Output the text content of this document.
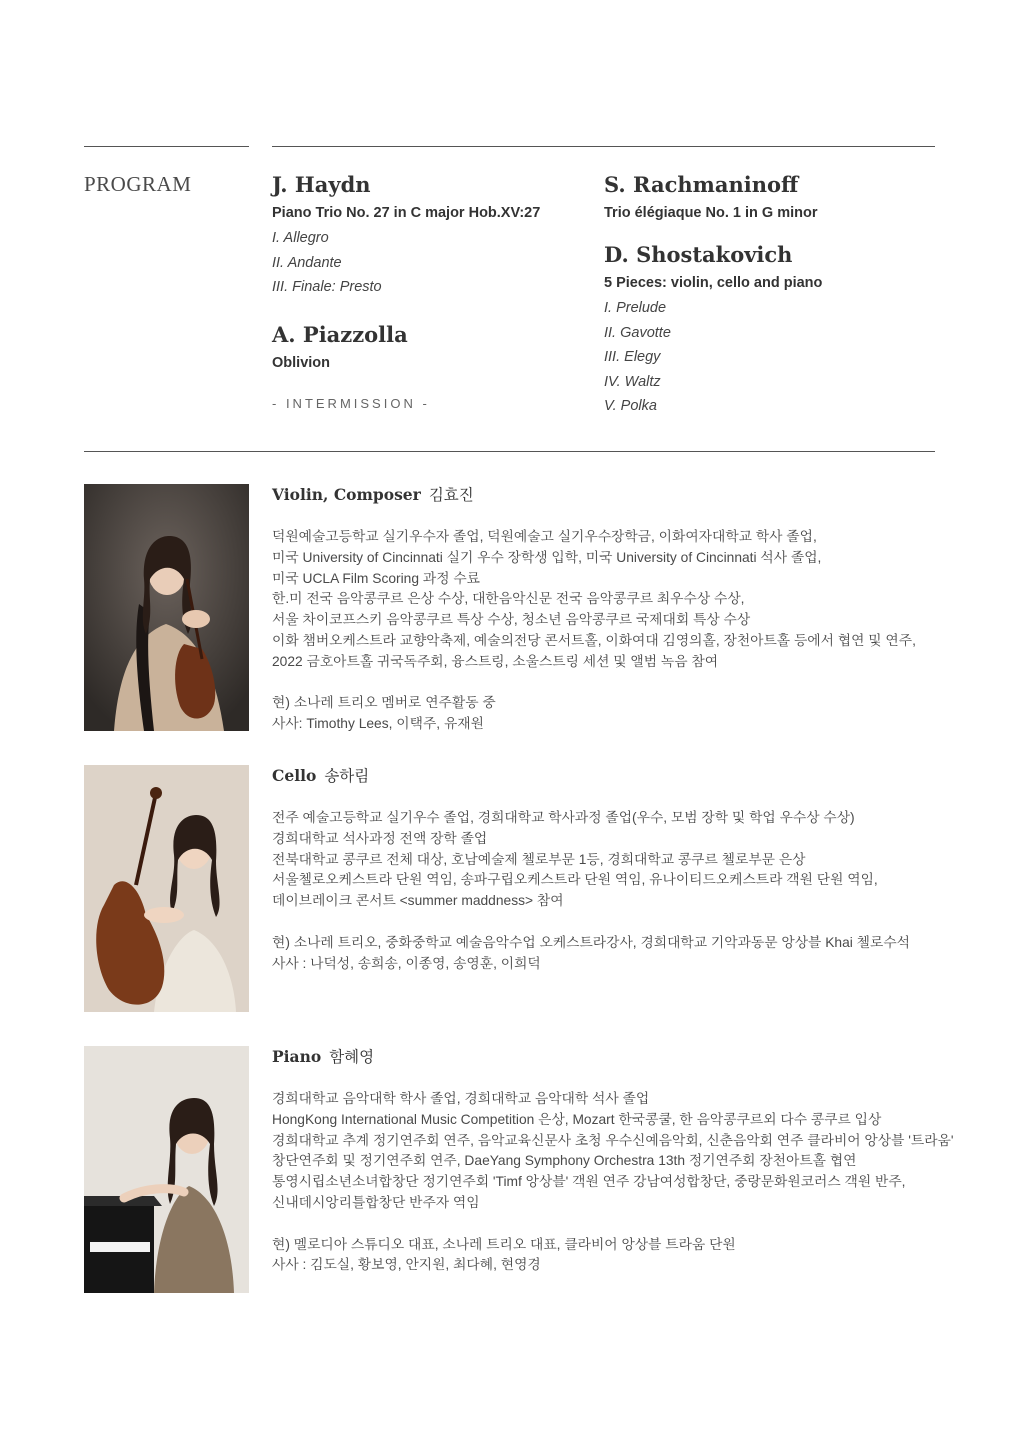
PROGRAM	J. Haydn
Piano Trio No. 27 in C major Hob.XV:27
I. Allegro
II. Andante
III. Finale: Presto
A. Piazzolla
Oblivion
- INTERMISSION -
S. Rachmaninoff
Trio élégiaque No. 1 in G minor
D. Shostakovich
5 Pieces: violin, cello and piano
I. Prelude
II. Gavotte
III. Elegy
IV. Waltz
V. Polka
Violin, Composer 김효진
덕원예술고등학교 실기우수자 졸업, 덕원예술고 실기우수장학금, 이화여자대학교 학사 졸업,
미국 University of Cincinnati 실기 우수 장학생 입학, 미국 University of Cincinnati 석사 졸업,
미국 UCLA Film Scoring 과정 수료
한.미 전국 음악콩쿠르 은상 수상, 대한음악신문 전국 음악콩쿠르 최우수상 수상,
서울 차이코프스키 음악콩쿠르 특상 수상, 청소년 음악콩쿠르 국제대회 특상 수상
이화 챔버오케스트라 교향악축제, 예술의전당 콘서트홀, 이화여대 김영의홀, 장천아트홀 등에서 협연 및 연주,
2022 금호아트홀 귀국독주회, 융스트링, 소울스트링 세션 및 앨범 녹음 참여
현) 소나레 트리오 멤버로 연주활동 중
사사: Timothy Lees, 이택주, 유재원
Cello 송하림
전주 예술고등학교 실기우수 졸업, 경희대학교 학사과정 졸업(우수, 모범 장학 및 학업 우수상 수상)
경희대학교 석사과정 전액 장학 졸업
전북대학교 콩쿠르 전체 대상, 호남예술제 첼로부문 1등, 경희대학교 콩쿠르 첼로부문 은상
서울첼로오케스트라 단원 역임, 송파구립오케스트라 단원 역임, 유나이티드오케스트라 객원 단원 역임,
데이브레이크 콘서트 <summer maddness> 참여
현) 소나레 트리오, 중화중학교 예술음악수업 오케스트라강사, 경희대학교 기악과동문 앙상블 Khai 첼로수석
사사 : 나덕성, 송희송, 이종영, 송영훈, 이희덕
Piano 함혜영
경희대학교 음악대학 학사 졸업, 경희대학교 음악대학 석사 졸업
HongKong International Music Competition 은상, Mozart 한국콩쿨, 한 음악콩쿠르외 다수 콩쿠르 입상
경희대학교 추계 정기연주회 연주, 음악교육신문사 초청 우수신예음악회, 신춘음악회 연주 클라비어 앙상블 '트라움'
창단연주회 및 정기연주회 연주, DaeYang Symphony Orchestra 13th 정기연주회 장천아트홀 협연
통영시립소년소녀합창단 정기연주회 'Timf 앙상블' 객원 연주 강남여성합창단, 중랑문화원코러스 객원 반주,
신내데시앙리틀합창단 반주자 역임
현) 멜로디아 스튜디오 대표, 소나레 트리오 대표, 클라비어 앙상블 트라움 단원
사사 : 김도실, 황보영, 안지원, 최다혜, 현영경
